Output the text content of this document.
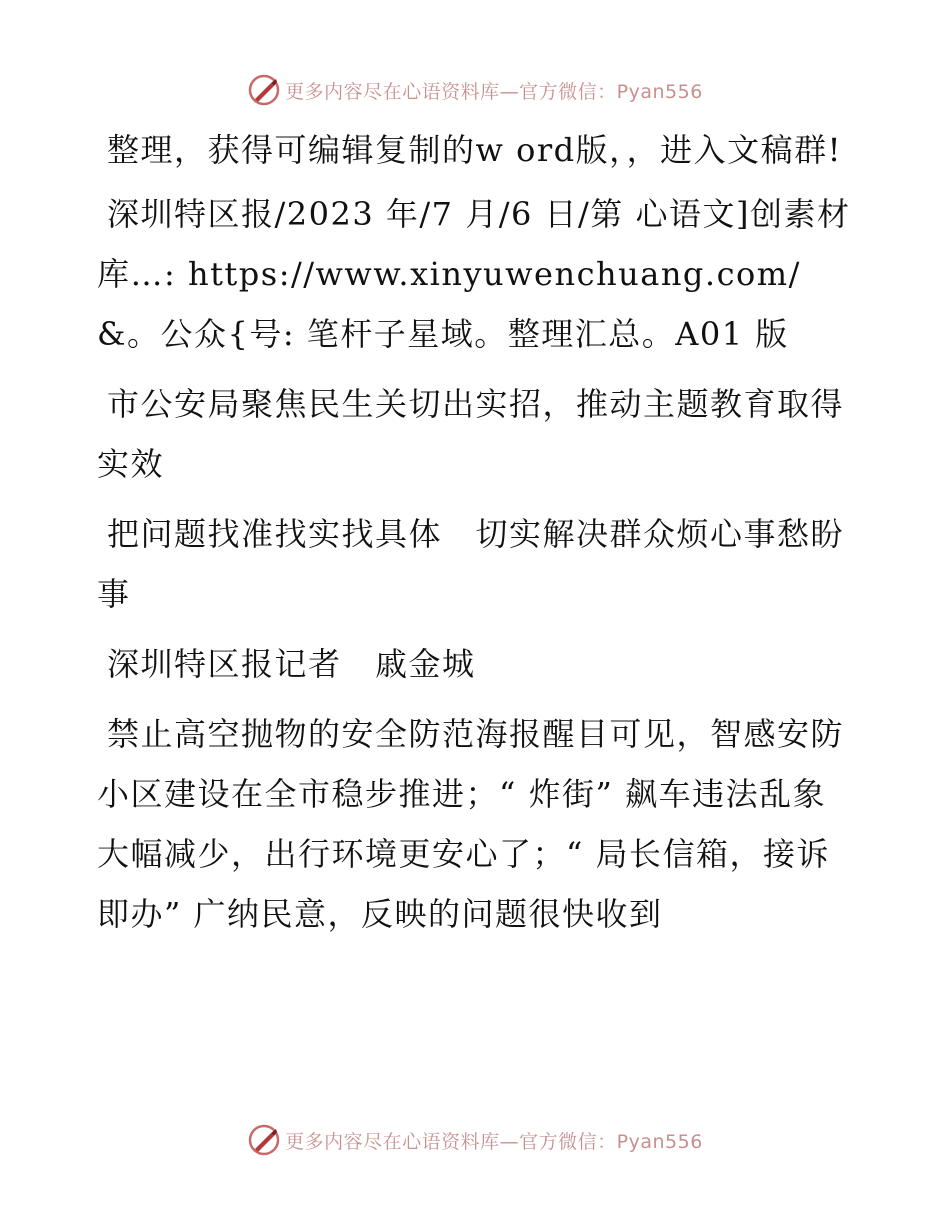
更多内容尽在心语资料库—官方微信：Pyan556

整理，获得可编辑复制的w ord版，，进入文稿群!

深圳特区报/2023 年/7 月/6 日/第 心语文]创素材库…: https://www.xinyuwenchuang.com/&。公众{号: 笔杆子星域。整理汇总。A01 版

市公安局聚焦民生关切出实招，推动主题教育取得实效

把问题找准找实找具体　切实解决群众烦心事愁盼事

深圳特区报记者　戚金城

禁止高空抛物的安全防范海报醒目可见，智感安防小区建设在全市稳步推进；“ 炸街” 飙车违法乱象大幅减少，出行环境更安心了；“ 局长信箱，接诉即办” 广纳民意，反映的问题很快收到

更多内容尽在心语资料库—官方微信：Pyan556
